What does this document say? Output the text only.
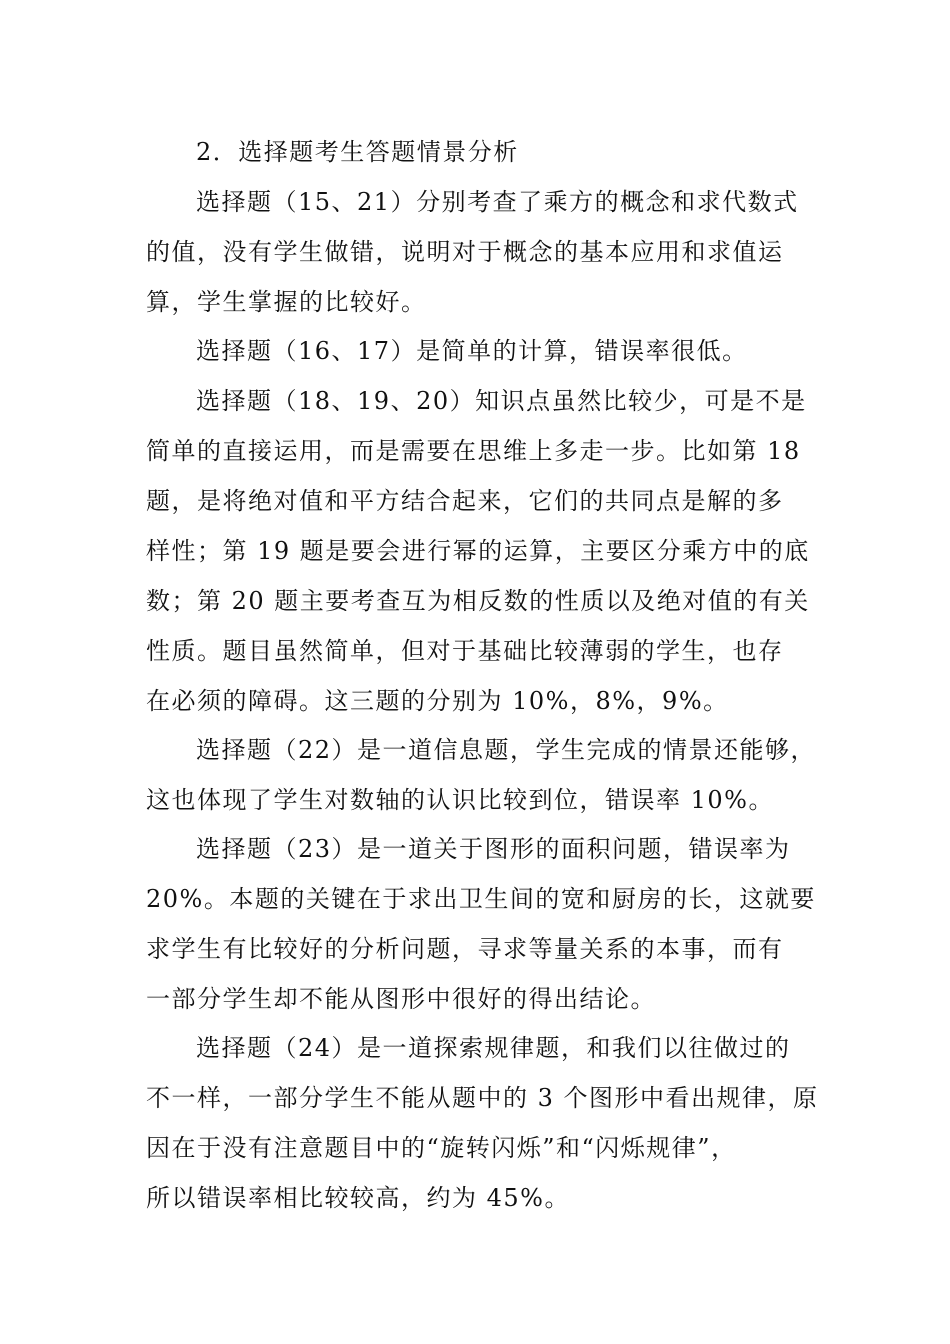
2．选择题考生答题情景分析

选择题（15、21）分别考查了乘方的概念和求代数式

的值，没有学生做错，说明对于概念的基本应用和求值运

算，学生掌握的比较好。

选择题（16、17）是简单的计算，错误率很低。

选择题（18、19、20）知识点虽然比较少，可是不是

简单的直接运用，而是需要在思维上多走一步。比如第 18

题，是将绝对值和平方结合起来，它们的共同点是解的多

样性；第 19 题是要会进行幂的运算，主要区分乘方中的底

数；第 20 题主要考查互为相反数的性质以及绝对值的有关

性质。题目虽然简单，但对于基础比较薄弱的学生，也存

在必须的障碍。这三题的分别为 10%，8%，9%。

选择题（22）是一道信息题，学生完成的情景还能够，

这也体现了学生对数轴的认识比较到位，错误率 10%。

选择题（23）是一道关于图形的面积问题，错误率为

20%。本题的关键在于求出卫生间的宽和厨房的长，这就要

求学生有比较好的分析问题，寻求等量关系的本事，而有

一部分学生却不能从图形中很好的得出结论。

选择题（24）是一道探索规律题，和我们以往做过的

不一样，一部分学生不能从题中的 3 个图形中看出规律，原

因在于没有注意题目中的“旋转闪烁”和“闪烁规律”，

所以错误率相比较较高，约为 45%。
